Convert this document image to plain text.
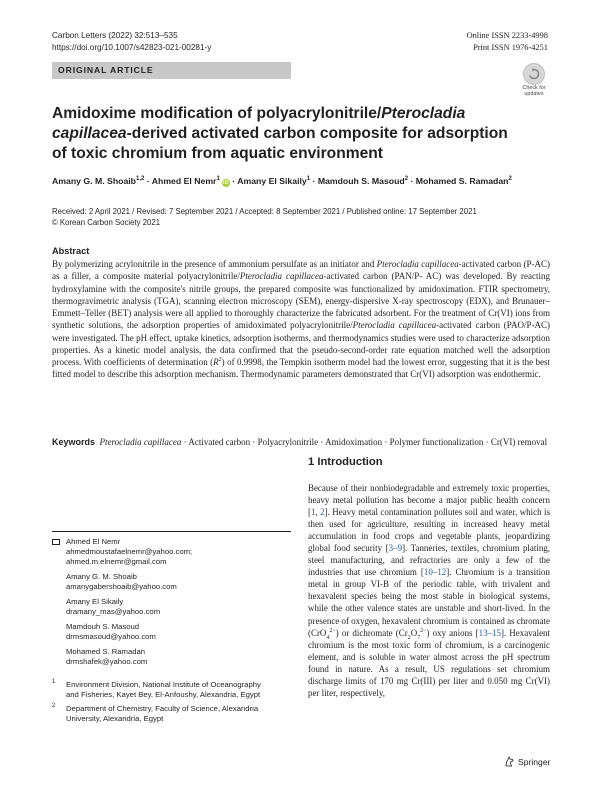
Carbon Letters (2022) 32:513–535
https://doi.org/10.1007/s42823-021-00281-y
Online ISSN 2233-4998
Print ISSN 1976-4251
ORIGINAL ARTICLE
Check for
updates
Amidoxime modification of polyacrylonitrile/Pterocladia capillacea-derived activated carbon composite for adsorption of toxic chromium from aquatic environment
Amany G. M. Shoaib$^{1,2}$ · Ahmed El Nemr$^1$iD · Amany El Sikaily$^1$ · Mamdouh S. Masoud$^2$ · Mohamed S. Ramadan$^2$
Received: 2 April 2021 / Revised: 7 September 2021 / Accepted: 8 September 2021 / Published online: 17 September 2021
© Korean Carbon Society 2021
Abstract
By polymerizing acrylonitrile in the presence of ammonium persulfate as an initiator and Pterocladia capillacea-activated carbon (P-AC) as a filler, a composite material polyacrylonitrile/Pterocladia capillacea-activated carbon (PAN/P- AC) was developed. By reacting hydroxylamine with the composite's nitrile groups, the prepared composite was functionalized by amidoximation. FTIR spectrometry, thermogravimetric analysis (TGA), scanning electron microscopy (SEM), energy-dispersive X-ray spectroscopy (EDX), and Brunauer–Emmett–Teller (BET) analysis were all applied to thoroughly characterize the fabricated adsorbent. For the treatment of Cr(VI) ions from synthetic solutions, the adsorption properties of amidoximated polyacrylonitrile/Pterocladia capillacea-activated carbon (PAO/P-AC) were investigated. The pH effect, uptake kinetics, adsorption isotherms, and thermodynamics studies were used to characterize adsorption properties. As a kinetic model analysis, the data confirmed that the pseudo-second-order rate equation matched well the adsorption process. With coefficients of determination $(R^2)$ of 0.9998, the Tempkin isotherm model had the lowest error, suggesting that it is the best fitted model to describe this adsorption mechanism. Thermodynamic parameters demonstrated that Cr(VI) adsorption was endothermic.
Keywords Pterocladia capillacea · Activated carbon · Polyacrylonitrile · Amidoximation · Polymer functionalization · Cr(VI) removal
1 Introduction
Because of their nonbiodegradable and extremely toxic properties, heavy metal pollution has become a major public health concern [1, 2]. Heavy metal contamination pollutes soil and water, which is then used for agriculture, resulting in increased heavy metal accumulation in food crops and vegetable plants, jeopardizing global food security [3–9]. Tanneries, textiles, chromium plating, steel manufacturing, and refractories are only a few of the industries that use chromium [10–12]. Chromium is a transition metal in group VI-B of the periodic table, with trivalent and hexavalent species being the most stable in biological systems, while the other valence states are unstable and short-lived. In the presence of oxygen, hexavalent chromium is contained as chromate (CrO$_4^{2-}$) or dichromate $(Cr_2O_7^{2-})$ oxy anions [13–15]. Hexavalent chromium is the most toxic form of chromium, is a carcinogenic element, and is soluble in water almost across the pH spectrum found in nature. As a result, US regulations set chromium discharge limits of 170 mg Cr(III) per liter and 0.050 mg Cr(VI) per liter, respectively,
Ahmed El Nemr
ahmedmoustafaelnemr@yahoo.com;
ahmed.m.elnemr@gmail.com
Amany G. M. Shoaib
amanygabershoaib@yahoo.com
Amany El Sikaily
dramany_mas@yahoo.com
Mamdouh S. Masoud
drmsmasoud@yahoo.com
Mohamed S. Ramadan
drmshafek@yahoo.com
1 Environment Division, National Institute of Oceanography
and Fisheries, Kayet Bey, El-Anfoushy, Alexandria, Egypt
2 Department of Chemistry, Faculty of Science, Alexandria
University, Alexandria, Egypt
Springer
